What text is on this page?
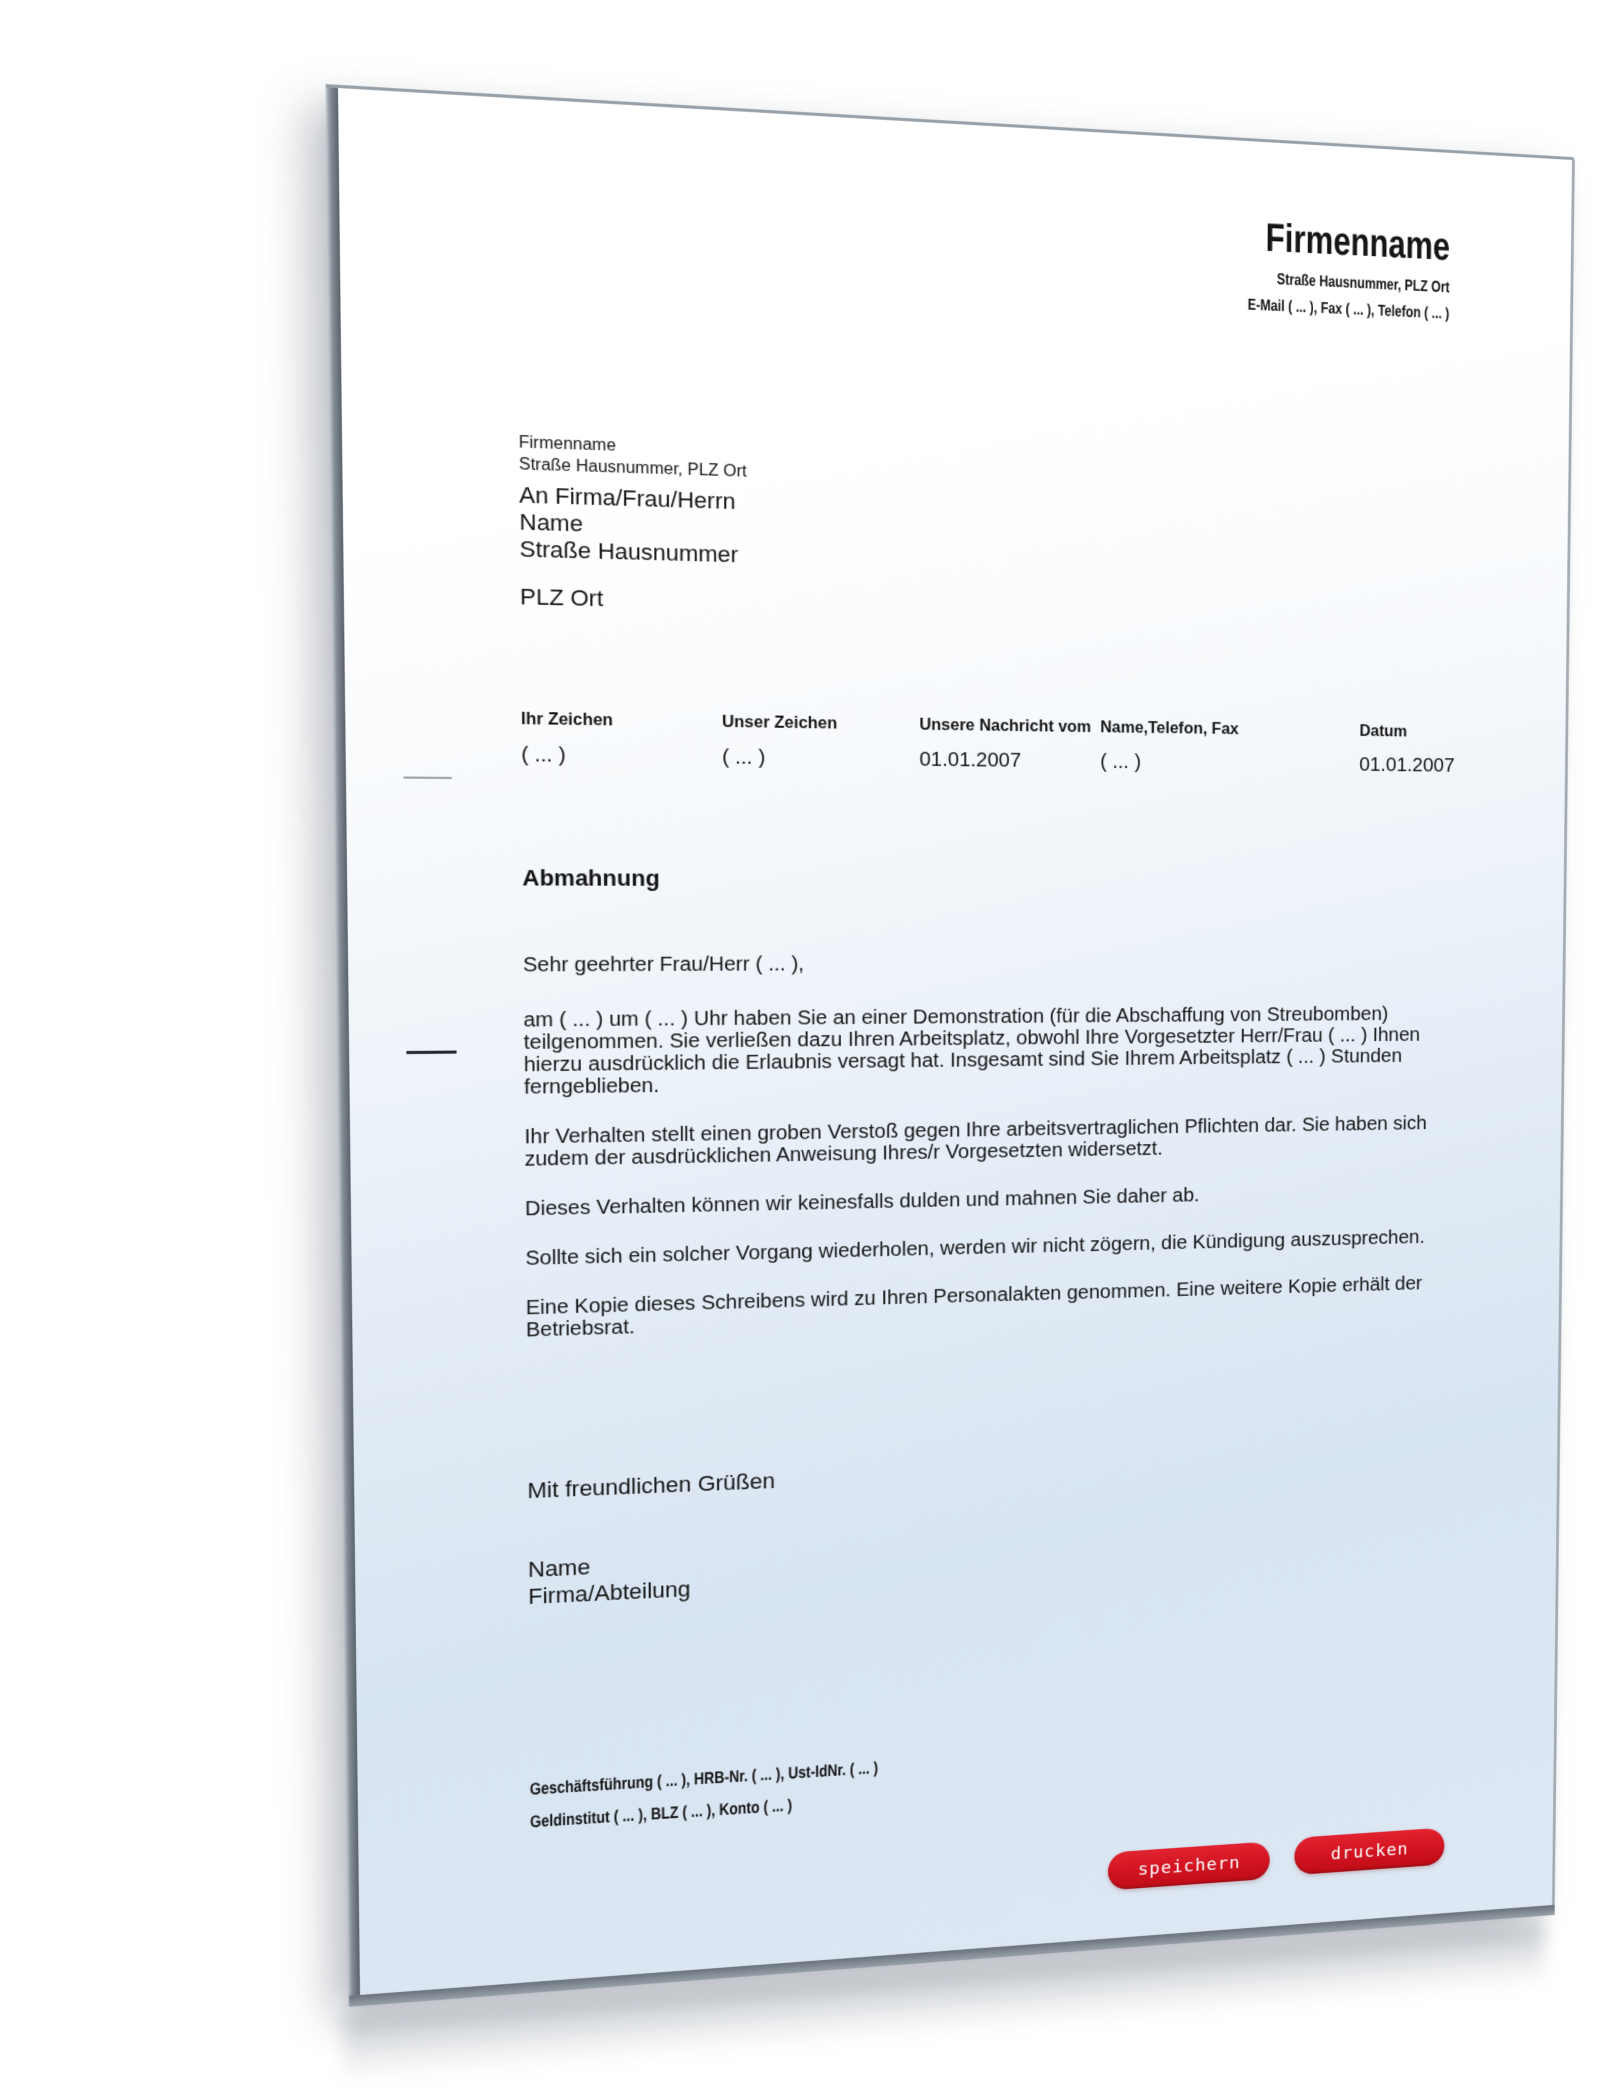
Firmenname
Straße Hausnummer, PLZ Ort
E-Mail ( ... ), Fax ( ... ), Telefon ( ... )
Firmenname
Straße Hausnummer, PLZ Ort
An Firma/Frau/Herrn
Name
Straße Hausnummer
PLZ Ort
Ihr Zeichen
( ... )
Unser Zeichen
( ... )
Unsere Nachricht vom
01.01.2007
Name,Telefon, Fax
( ... )
Datum
01.01.2007
Abmahnung
Sehr geehrter Frau/Herr ( ... ),

am ( ... ) um ( ... ) Uhr haben Sie an einer Demonstration (für die Abschaffung von Streubomben)
teilgenommen. Sie verließen dazu Ihren Arbeitsplatz, obwohl Ihre Vorgesetzter Herr/Frau ( ... ) Ihnen
hierzu ausdrücklich die Erlaubnis versagt hat. Insgesamt sind Sie Ihrem Arbeitsplatz ( ... ) Stunden
ferngeblieben.

Ihr Verhalten stellt einen groben Verstoß gegen Ihre arbeitsvertraglichen Pflichten dar. Sie haben sich
zudem der ausdrücklichen Anweisung Ihres/r Vorgesetzten widersetzt.

Dieses Verhalten können wir keinesfalls dulden und mahnen Sie daher ab.

Sollte sich ein solcher Vorgang wiederholen, werden wir nicht zögern, die Kündigung auszusprechen.

Eine Kopie dieses Schreibens wird zu Ihren Personalakten genommen. Eine weitere Kopie erhält der
Betriebsrat.

Mit freundlichen Grüßen
Name
Firma/Abteilung
Geschäftsführung ( ... ), HRB-Nr. ( ... ), Ust-IdNr. ( ... )
Geldinstitut ( ... ), BLZ ( ... ), Konto ( ... )
speichern
drucken
